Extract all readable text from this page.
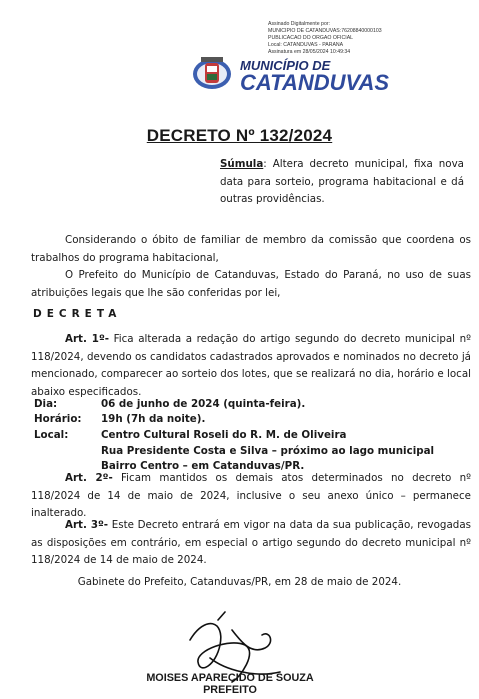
Assinado Digitalmente por:
MUNICIPIO DE CATANDUVAS:76208840000103
PUBLICACAO DO ORGAO OFICIAL
Local: CATANDUVAS - PARANA
Assinatura em 28/05/2024 10:49:34
MUNICÍPIO DE
CATANDUVAS
DECRETO Nº 132/2024
Súmula: Altera decreto municipal, fixa nova data para sorteio, programa habitacional e dá outras providências.
Considerando o óbito de familiar de membro da comissão que coordena os trabalhos do programa habitacional,
O Prefeito do Município de Catanduvas, Estado do Paraná, no uso de suas atribuições legais que lhe são conferidas por lei,
DECRETA
Art. 1º- Fica alterada a redação do artigo segundo do decreto municipal nº 118/2024, devendo os candidatos cadastrados aprovados e nominados no decreto já mencionado, comparecer ao sorteio dos lotes, que se realizará no dia, horário e local abaixo especificados.
Dia:	06 de junho de 2024 (quinta-feira).
Horário: 19h (7h da noite).
Local:	Centro Cultural Roseli do R. M. de Oliveira
Rua Presidente Costa e Silva – próximo ao lago municipal
Bairro Centro – em Catanduvas/PR.
Art. 2º- Ficam mantidos os demais atos determinados no decreto nº 118/2024 de 14 de maio de 2024, inclusive o seu anexo único – permanece inalterado.
Art. 3º- Este Decreto entrará em vigor na data da sua publicação, revogadas as disposições em contrário, em especial o artigo segundo do decreto municipal nº 118/2024 de 14 de maio de 2024.
Gabinete do Prefeito, Catanduvas/PR, em 28 de maio de 2024.
MOISES APARECIDO DE SOUZA
PREFEITO
